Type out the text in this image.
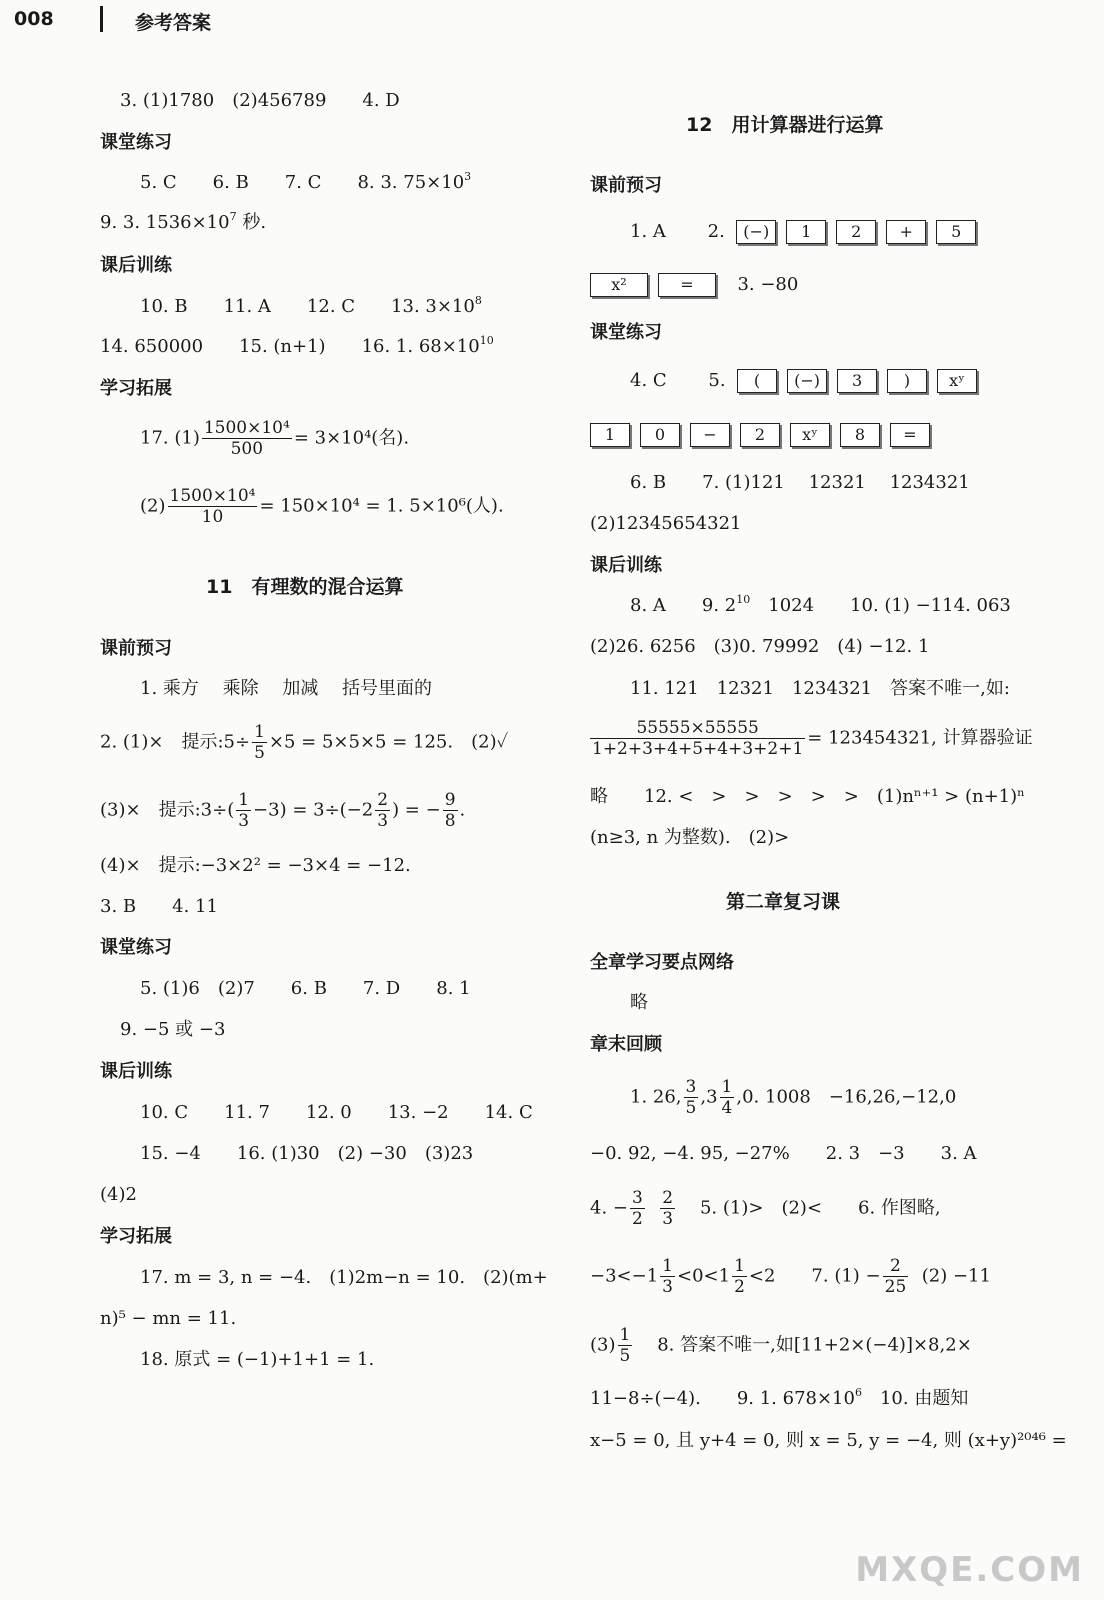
008	参考答案
3. (1)1780　(2)456789　　4. D
课堂练习
5. C　　6. B　　7. C　　8. 3. $75\times 10^3$
9. 3. $1536\times 10^7$ 秒.
课后训练
10. B　　11. A　　12. C　　13. $3\times 10^8$
14. 650000　　15. (n+1)　　16. 1. $68\times 10^{10}$
学习拓展
17. $(1) \frac{\text{1500×10⁴}}{500} = 3\times 10^4$(名).
$(2) \frac{\text{1500×10⁴}}{10} = 150\times 10^4 = 1$. 5×10⁶(人).
11　有理数的混合运算
课前预习
1. 乘方　 乘除　 加减　 括号里面的
2. (1)×　提示:5÷ $\frac{1}{5} \times 5 = 5\times 5\times 5 = 125$.　(2)✓
(3)×　提示:3÷( $\frac{1}{3} -3) = 3\div(-2 \frac{2}{3}$ ) = − $\frac{9}{8}$ .
(4)×　提示:−3×2² = −3×4 = −12.
3. B　　4. 11
课堂练习
5. (1)6　(2)7　　6. B　　7. D　　8. 1
9. −5 或 −3
课后训练
10. C　　11. 7　　12. 0　　13. −2　　14. C
15. −4　　16. (1)30　(2) −30　(3)23
(4)2
学习拓展
17. m = 3, n = −4.　(1)2m−n = 10.　(2)(m+
n)⁵ − mn = 11.
18. 原式 = (−1)+1+1 = 1.
12　用计算器进行运算
课前预习
1. A　　 2. (−) 1 2 + 5
x²	= 3. −80
课堂练习
4. C　　 5. ( (−) 3	) xʸ
1 0 − 2 xʸ 8 =
6. B　　7. (1)121　 12321　 1234321
(2)12345654321
课后训练
8. A　　9. $2^{10}$　1024　　10. (1) −114. 063
(2)26. 6256　(3)0. 79992　(4) −12. 1
11. 121　12321　1234321　答案不唯一,如:
$\frac{55555\times 55555}{1+2+3+4+5+4+3+2+1} = 123454321$, 计算器验证
略　　12. <　>　>　>　>　>　(1)nⁿ⁺¹ > (n+1)ⁿ
(n≥3, n 为整数).　(2)>
第二章复习课
全章学习要点网络
略
章末回顾
1. 26, $\frac{3}{5} ,3 \frac{1}{4} ,0$. 1008　−16,26,−12,0
−0. 92, −4. 95, −27%　　2. 3　−3　　3. A
4. − $\frac{3}{2}$
$\frac{2}{3} 5$. (1)>　(2)<　　6. 作图略,
$-3<-1 \frac{1}{3} <0<1 \frac{1}{2} <2$　　7. $(1) - \frac{2}{25} (2) -11$
$(3) \frac{1}{5} 8$. 答案不唯一,如[11+2×(−4)]×8,2×
11−8÷(−4).　　9. 1. $678\times 10^6$　10. 由题知
x−5 = 0, 且 y+4 = 0, 则 x = 5, y = −4, 则 (x+y)²⁰⁴⁶ =
MXQE.COM
